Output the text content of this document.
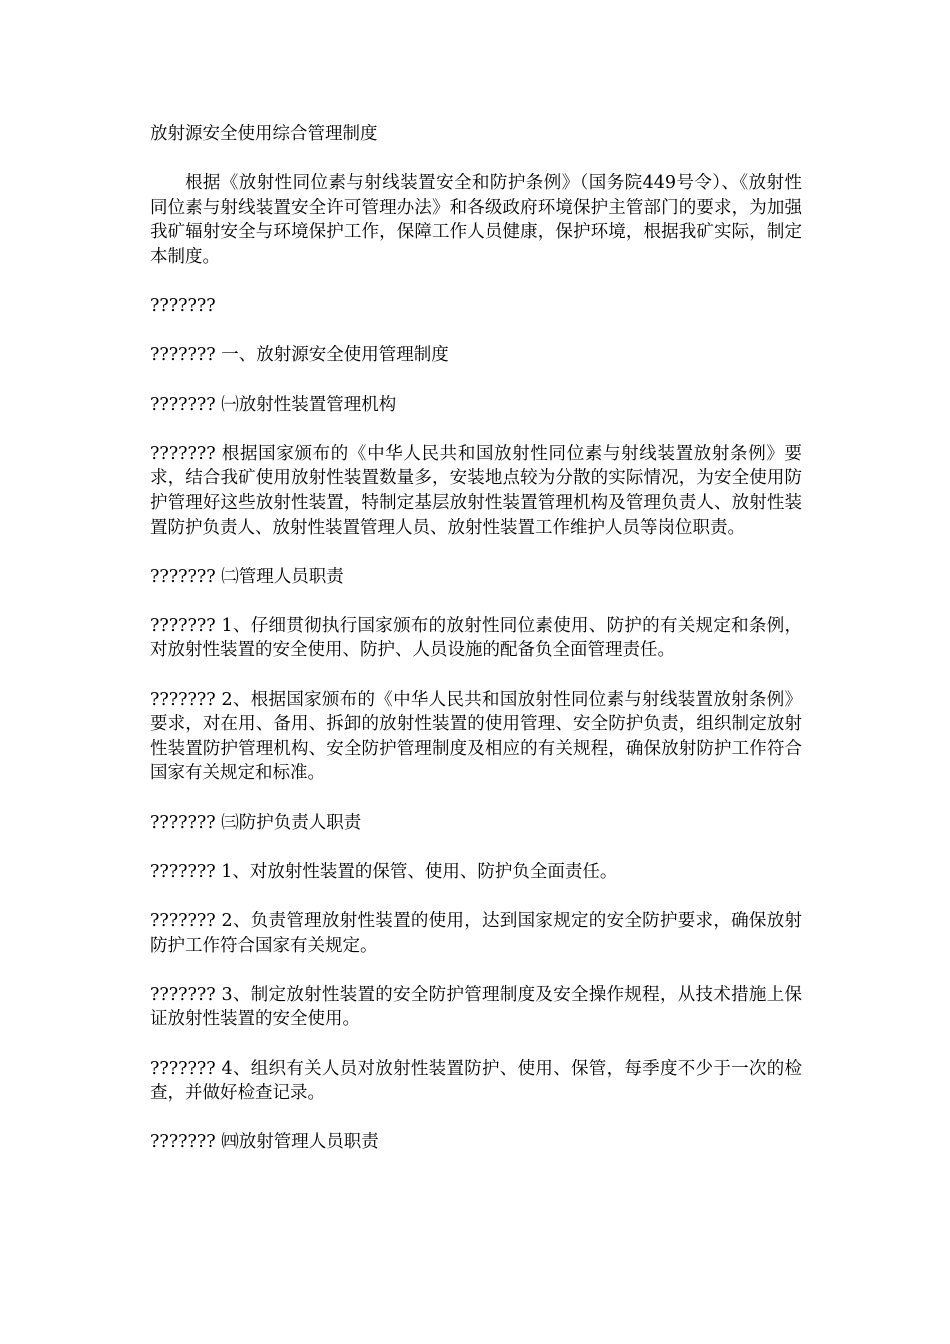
放射源安全使用综合管理制度
根据《放射性同位素与射线装置安全和防护条例》（国务院449号令）、《放射性同位素与射线装置安全许可管理办法》和各级政府环境保护主管部门的要求，为加强我矿辐射安全与环境保护工作，保障工作人员健康，保护环境，根据我矿实际，制定本制度。
???????
??????? 一、放射源安全使用管理制度
??????? ㈠放射性装置管理机构
??????? 根据国家颁布的《中华人民共和国放射性同位素与射线装置放射条例》要求，结合我矿使用放射性装置数量多，安装地点较为分散的实际情况，为安全使用防护管理好这些放射性装置，特制定基层放射性装置管理机构及管理负责人、放射性装置防护负责人、放射性装置管理人员、放射性装置工作维护人员等岗位职责。
??????? ㈡管理人员职责
??????? 1、仔细贯彻执行国家颁布的放射性同位素使用、防护的有关规定和条例，对放射性装置的安全使用、防护、人员设施的配备负全面管理责任。
??????? 2、根据国家颁布的《中华人民共和国放射性同位素与射线装置放射条例》要求，对在用、备用、拆卸的放射性装置的使用管理、安全防护负责，组织制定放射性装置防护管理机构、安全防护管理制度及相应的有关规程，确保放射防护工作符合国家有关规定和标准。
??????? ㈢防护负责人职责
??????? 1、对放射性装置的保管、使用、防护负全面责任。
??????? 2、负责管理放射性装置的使用，达到国家规定的安全防护要求，确保放射防护工作符合国家有关规定。
??????? 3、制定放射性装置的安全防护管理制度及安全操作规程，从技术措施上保证放射性装置的安全使用。
??????? 4、组织有关人员对放射性装置防护、使用、保管，每季度不少于一次的检查，并做好检查记录。
??????? ㈣放射管理人员职责
